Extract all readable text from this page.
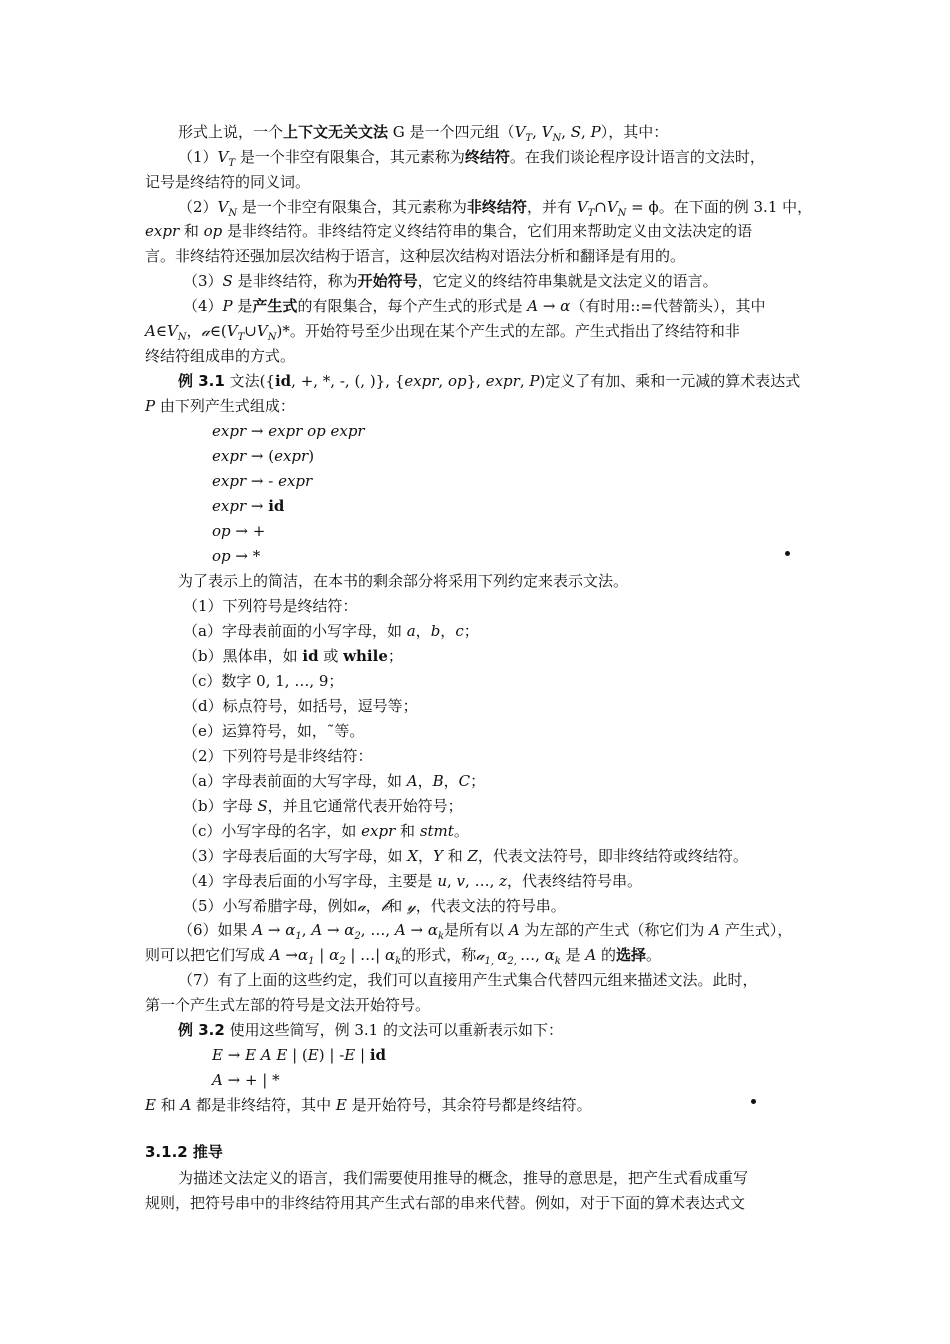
形式上说，一个上下文无关文法 G 是一个四元组（$V_T$, $V_N$, S, P），其中：
$(1)V_T$ 是一个非空有限集合，其元素称为终结符。在我们谈论程序设计语言的文法时，
记号是终结符的同义词。
$(2)V_N$ 是一个非空有限集合，其元素称为非终结符，并有 $V_T\cap V_N = \phi$。在下面的例 3.1 中，
expr 和 op 是非终结符。非终结符定义终结符串的集合，它们用来帮助定义由文法决定的语
言。非终结符还强加层次结构于语言，这种层次结构对语法分析和翻译是有用的。
（3）S 是非终结符，称为开始符号，它定义的终结符串集就是文法定义的语言。
（4）P 是产生式的有限集合，每个产生式的形式是 A → α（有时用::=代替箭头），其中
$A\in V_N$，$𝒶\in(V_T\cup V_N)*$。开始符号至少出现在某个产生式的左部。产生式指出了终结符和非
终结符组成串的方式。
例 3.1 文法({id, +, *, -, (, )}, {expr, op}, expr, P)定义了有加、乘和一元减的算术表达式
P 由下列产生式组成：
expr → expr op expr
expr → (expr)
expr → - expr
expr → id
op → +
op → *
为了表示上的简洁，在本书的剩余部分将采用下列约定来表示文法。
（1）下列符号是终结符：
（a）字母表前面的小写字母，如 a，b，c；
（b）黑体串，如 id 或 while；
（c）数字 0, 1, …, 9；
（d）标点符号，如括号，逗号等；
（e）运算符号，如，˜等。
（2）下列符号是非终结符：
（a）字母表前面的大写字母，如 A，B，C；
（b）字母 S，并且它通常代表开始符号；
（c）小写字母的名字，如 expr 和 stmt。
（3）字母表后面的大写字母，如 X，Y 和 Z，代表文法符号，即非终结符或终结符。
（4）字母表后面的小写字母，主要是 u, v, …, z，代表终结符号串。
（5）小写希腊字母，例如𝒶，𝒷和 𝓎，代表文法的符号串。
（6）如果 $A \to \alpha_1$, $A \to \alpha_2$, …, $A \to \alpha_k$是所有以 A 为左部的产生式（称它们为 A 产生式），
则可以把它们写成 $A \to\alpha_1$ | $\alpha_2$ | …| $\alpha_k$的形式，称𝒶$_{1,}$ $\alpha_{2,}$ …, $\alpha_k$ 是 A 的选择。
（7）有了上面的这些约定，我们可以直接用产生式集合代替四元组来描述文法。此时，
第一个产生式左部的符号是文法开始符号。
例 3.2 使用这些简写，例 3.1 的文法可以重新表示如下：
E → E A E | (E) | -E | id
A → + | *
E 和 A 都是非终结符，其中 E 是开始符号，其余符号都是终结符。
为描述文法定义的语言，我们需要使用推导的概念，推导的意思是，把产生式看成重写
规则，把符号串中的非终结符用其产生式右部的串来代替。例如，对于下面的算术表达式文
3.1.2 推导
